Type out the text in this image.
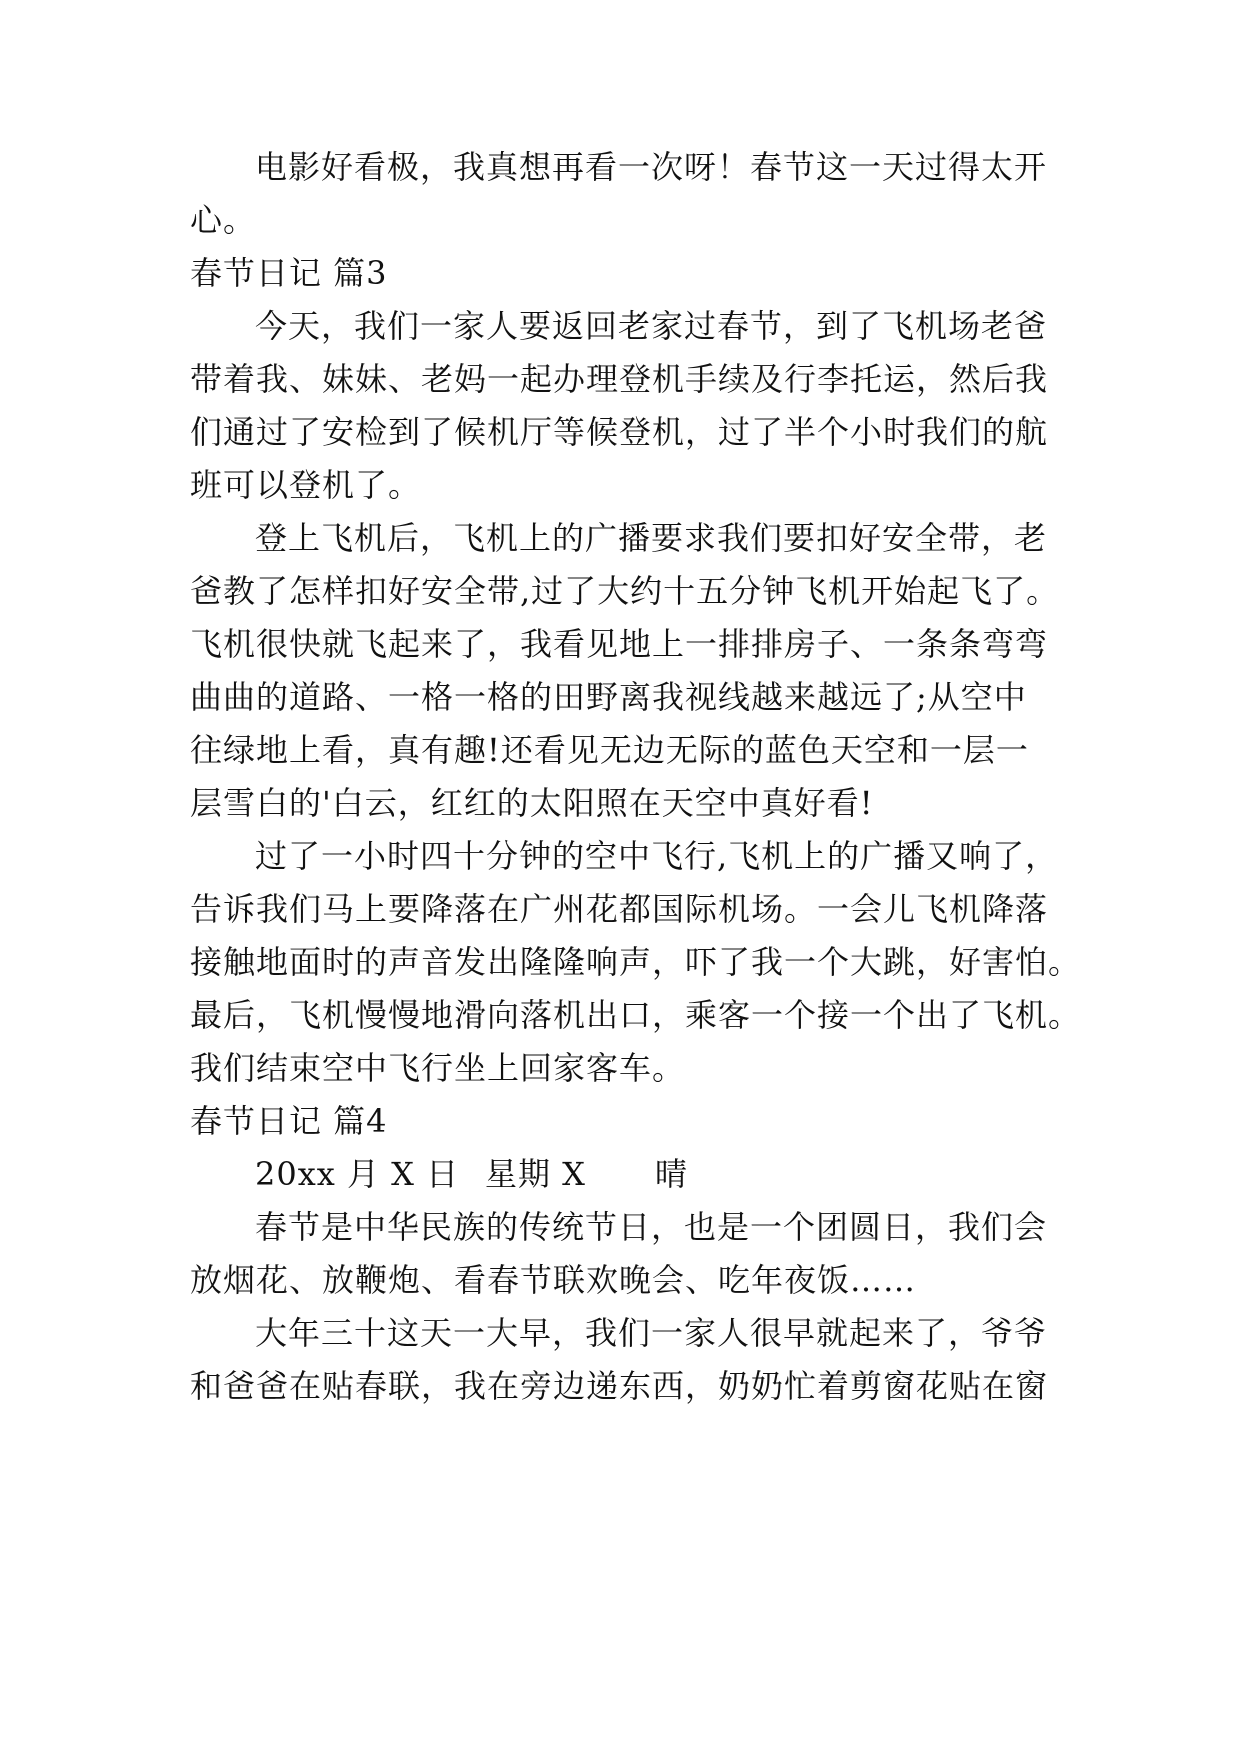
电影好看极，我真想再看一次呀！春节这一天过得太开
心。
春节日记 篇3
今天，我们一家人要返回老家过春节，到了飞机场老爸
带着我、妹妹、老妈一起办理登机手续及行李托运，然后我
们通过了安检到了候机厅等候登机，过了半个小时我们的航
班可以登机了。
登上飞机后，飞机上的广播要求我们要扣好安全带，老
爸教了怎样扣好安全带,过了大约十五分钟飞机开始起飞了。
飞机很快就飞起来了，我看见地上一排排房子、一条条弯弯
曲曲的道路、一格一格的田野离我视线越来越远了;从空中
往绿地上看，真有趣!还看见无边无际的蓝色天空和一层一
层雪白的'白云，红红的太阳照在天空中真好看!
过了一小时四十分钟的空中飞行,飞机上的广播又响了，
告诉我们马上要降落在广州花都国际机场。一会儿飞机降落
接触地面时的声音发出隆隆响声，吓了我一个大跳，好害怕。
最后，飞机慢慢地滑向落机出口，乘客一个接一个出了飞机。
我们结束空中飞行坐上回家客车。
春节日记 篇4
20xx 月 X 日 星期 X 晴
春节是中华民族的传统节日，也是一个团圆日，我们会
放烟花、放鞭炮、看春节联欢晚会、吃年夜饭……
大年三十这天一大早，我们一家人很早就起来了，爷爷
和爸爸在贴春联，我在旁边递东西，奶奶忙着剪窗花贴在窗
